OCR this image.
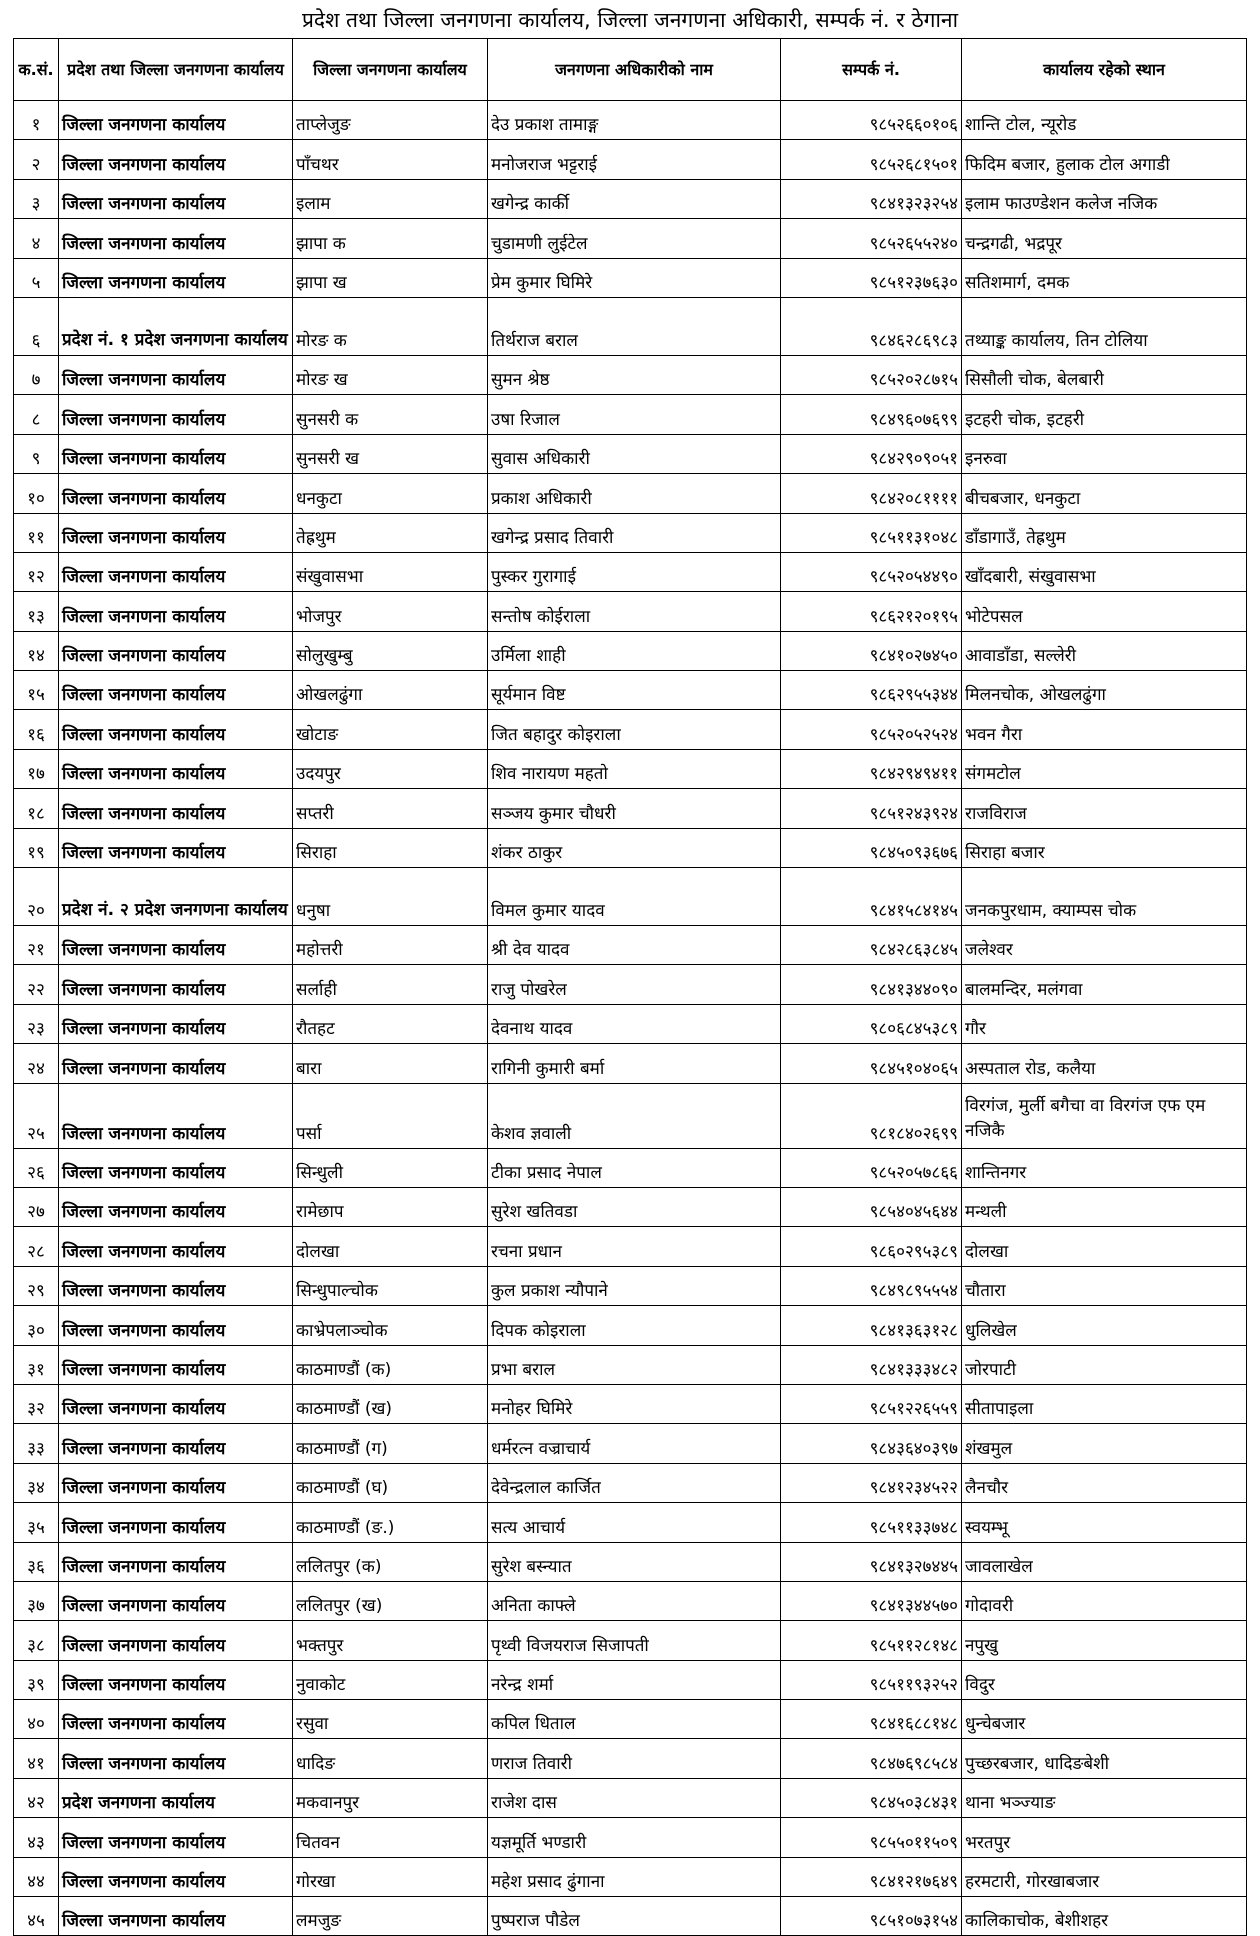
प्रदेश तथा जिल्ला जनगणना कार्यालय, जिल्ला जनगणना अधिकारी, सम्पर्क नं. र ठेगाना
क.सं.	प्रदेश तथा जिल्ला जनगणना कार्यालय	जिल्ला जनगणना कार्यालय	जनगणना अधिकारीको नाम	सम्पर्क नं.	कार्यालय रहेको स्थान
१	जिल्ला जनगणना कार्यालय	ताप्लेजुङ	देउ प्रकाश तामाङ्ग	९८५२६६०१०६	शान्ति टोल, न्यूरोड
२	जिल्ला जनगणना कार्यालय	पाँचथर	मनोजराज भट्टराई	९८५२६८१५०१	फिदिम बजार, हुलाक टोल अगाडी
३	जिल्ला जनगणना कार्यालय	इलाम	खगेन्द्र कार्की	९८४१३२३२५४	इलाम फाउण्डेशन कलेज नजिक
४	जिल्ला जनगणना कार्यालय	झापा क	चुडामणी लुईटेल	९८५२६५५२४०	चन्द्रगढी, भद्रपूर
५	जिल्ला जनगणना कार्यालय	झापा ख	प्रेम कुमार घिमिरे	९८५१२३७६३०	सतिशमार्ग, दमक
६	प्रदेश नं. १ प्रदेश जनगणना कार्यालय	मोरङ क	तिर्थराज बराल	९८४६२८६९८३	तथ्याङ्क कार्यालय, तिन टोलिया
७	जिल्ला जनगणना कार्यालय	मोरङ ख	सुमन श्रेष्ठ	९८५२०२८७१५	सिसौली चोक, बेलबारी
८	जिल्ला जनगणना कार्यालय	सुनसरी क	उषा रिजाल	९८४९६०७६९९	इटहरी चोक, इटहरी
९	जिल्ला जनगणना कार्यालय	सुनसरी ख	सुवास अधिकारी	९८४२९०९०५१	इनरुवा
१०	जिल्ला जनगणना कार्यालय	धनकुटा	प्रकाश अधिकारी	९८४२०८११११	बीचबजार, धनकुटा
११	जिल्ला जनगणना कार्यालय	तेह्रथुम	खगेन्द्र प्रसाद तिवारी	९८५११३१०४८	डाँडागाउँ, तेह्रथुम
१२	जिल्ला जनगणना कार्यालय	संखुवासभा	पुस्कर गुरागाई	९८५२०५४४९०	खाँदबारी, संखुवासभा
१३	जिल्ला जनगणना कार्यालय	भोजपुर	सन्तोष कोईराला	९८६२१२०१९५	भोटेपसल
१४	जिल्ला जनगणना कार्यालय	सोलुखुम्बु	उर्मिला शाही	९८४१०२७४५०	आवाडाँडा, सल्लेरी
१५	जिल्ला जनगणना कार्यालय	ओखलढुंगा	सूर्यमान विष्ट	९८६२९५५३४४	मिलनचोक, ओखलढुंगा
१६	जिल्ला जनगणना कार्यालय	खोटाङ	जित बहादुर कोइराला	९८५२०५२५२४	भवन गैरा
१७	जिल्ला जनगणना कार्यालय	उदयपुर	शिव नारायण महतो	९८४२९४९४११	संगमटोल
१८	जिल्ला जनगणना कार्यालय	सप्तरी	सञ्जय कुमार चौधरी	९८५१२४३९२४	राजविराज
१९	जिल्ला जनगणना कार्यालय	सिराहा	शंकर ठाकुर	९८४५०९३६७६	सिराहा बजार
२०	प्रदेश नं. २ प्रदेश जनगणना कार्यालय	धनुषा	विमल कुमार यादव	९८४१५८४१४५	जनकपुरधाम, क्याम्पस चोक
२१	जिल्ला जनगणना कार्यालय	महोत्तरी	श्री देव यादव	९८४२८६३८४५	जलेश्वर
२२	जिल्ला जनगणना कार्यालय	सर्लाही	राजु पोखरेल	९८४१३४४०९०	बालमन्दिर, मलंगवा
२३	जिल्ला जनगणना कार्यालय	रौतहट	देवनाथ यादव	९८०६८४५३८९	गौर
२४	जिल्ला जनगणना कार्यालय	बारा	रागिनी कुमारी बर्मा	९८४५१०४०६५	अस्पताल रोड, कलैया
२५	जिल्ला जनगणना कार्यालय	पर्सा	केशव ज्ञवाली	९८१८४०२६९९	विरगंज, मुर्ली बगैचा वा विरगंज एफ एम नजिकै
२६	जिल्ला जनगणना कार्यालय	सिन्धुली	टीका प्रसाद नेपाल	९८५२०५७८६६	शान्तिनगर
२७	जिल्ला जनगणना कार्यालय	रामेछाप	सुरेश खतिवडा	९८५४०४५६४४	मन्थली
२८	जिल्ला जनगणना कार्यालय	दोलखा	रचना प्रधान	९८६०२९५३८९	दोलखा
२९	जिल्ला जनगणना कार्यालय	सिन्धुपाल्चोक	कुल प्रकाश न्यौपाने	९८४९८९५५५४	चौतारा
३०	जिल्ला जनगणना कार्यालय	काभ्रेपलाञ्चोक	दिपक कोइराला	९८४१३६३१२८	धुलिखेल
३१	जिल्ला जनगणना कार्यालय	काठमाण्डौं (क)	प्रभा बराल	९८४१३३३४८२	जोरपाटी
३२	जिल्ला जनगणना कार्यालय	काठमाण्डौं (ख)	मनोहर घिमिरे	९८५१२२६५५९	सीतापाइला
३३	जिल्ला जनगणना कार्यालय	काठमाण्डौं (ग)	धर्मरत्न वज्राचार्य	९८४३६४०३९७	शंखमुल
३४	जिल्ला जनगणना कार्यालय	काठमाण्डौं (घ)	देवेन्द्रलाल कार्जित	९८४१२३४५२२	लैनचौर
३५	जिल्ला जनगणना कार्यालय	काठमाण्डौं (ङ.)	सत्य आचार्य	९८५११३३७४८	स्वयम्भू
३६	जिल्ला जनगणना कार्यालय	ललितपुर (क)	सुरेश बस्न्यात	९८४१३२७४४५	जावलाखेल
३७	जिल्ला जनगणना कार्यालय	ललितपुर (ख)	अनिता काफ्ले	९८४१३४४५७०	गोदावरी
३८	जिल्ला जनगणना कार्यालय	भक्तपुर	पृथ्वी विजयराज सिजापती	९८५११२८१४८	नपुखु
३९	जिल्ला जनगणना कार्यालय	नुवाकोट	नरेन्द्र शर्मा	९८५११९३२५२	विदुर
४०	जिल्ला जनगणना कार्यालय	रसुवा	कपिल धिताल	९८४१६८८१४८	धुन्चेबजार
४१	जिल्ला जनगणना कार्यालय	धादिङ	णराज तिवारी	९८४७६९८५८४	पुच्छरबजार, धादिङबेशी
४२	प्रदेश जनगणना कार्यालय	मकवानपुर	राजेश दास	९८४५०३८४३१	थाना भञ्ज्याङ
४३	जिल्ला जनगणना कार्यालय	चितवन	यज्ञमूर्ति भण्डारी	९८५५०११५०९	भरतपुर
४४	जिल्ला जनगणना कार्यालय	गोरखा	महेश प्रसाद ढुंगाना	९८४१२१७६४९	हरमटारी, गोरखाबजार
४५	जिल्ला जनगणना कार्यालय	लमजुङ	पुष्पराज पौडेल	९८५१०७३१५४	कालिकाचोक, बेशीशहर
